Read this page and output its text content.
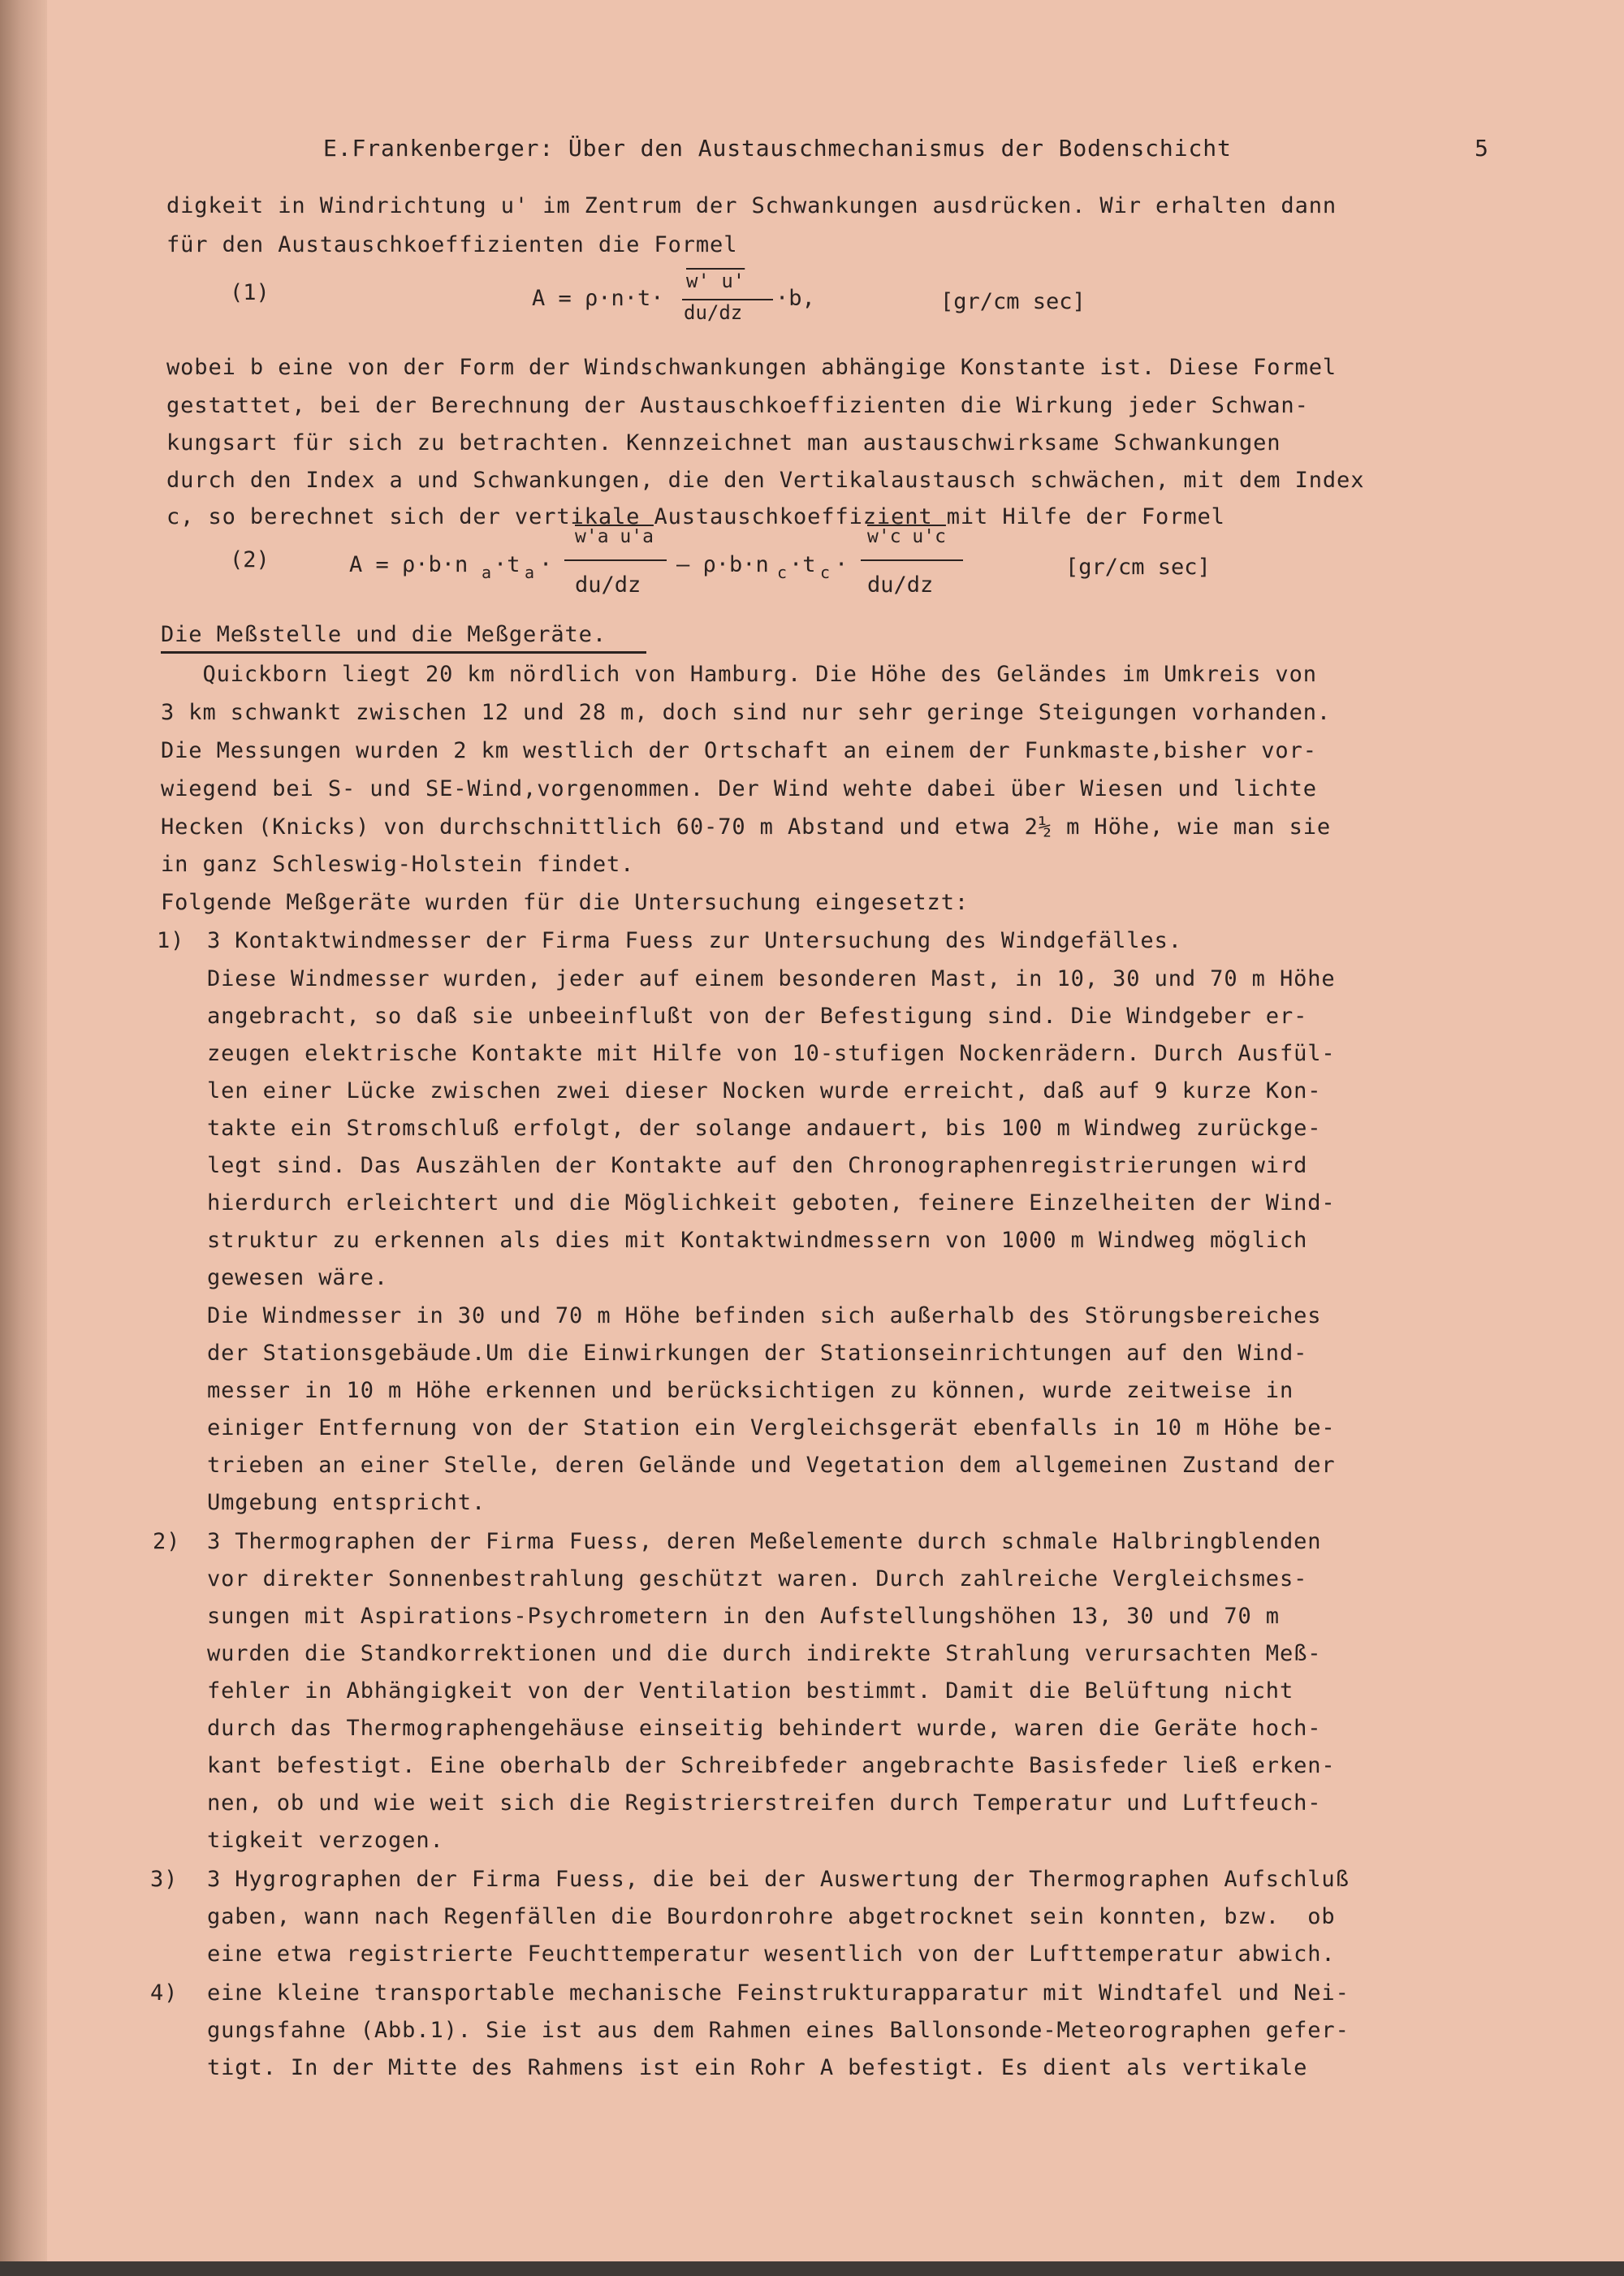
E.Frankenberger: Über den Austauschmechanismus der Bodenschicht	5
digkeit in Windrichtung u' im Zentrum der Schwankungen ausdrücken. Wir erhalten dann
für den Austauschkoeffizienten die Formel
(1)	A = ρ·n·t·
w' u'
du/dz
·b,	[gr/cm sec]
wobei b eine von der Form der Windschwankungen abhängige Konstante ist. Diese Formel
gestattet, bei der Berechnung der Austauschkoeffizienten die Wirkung jeder Schwan-
kungsart für sich zu betrachten. Kennzeichnet man austauschwirksame Schwankungen
durch den Index a und Schwankungen, die den Vertikalaustausch schwächen, mit dem Index
c, so berechnet sich der vertikale Austauschkoeffizient mit Hilfe der Formel
(2)	A = ρ·b·n a ·t a ·
w'a u'a
du/dz
– ρ·b·n c ·t c ·
w'c u'c
du/dz
[gr/cm sec]
Die Meßstelle und die Meßgeräte.
Quickborn liegt 20 km nördlich von Hamburg. Die Höhe des Geländes im Umkreis von
3 km schwankt zwischen 12 und 28 m, doch sind nur sehr geringe Steigungen vorhanden.
Die Messungen wurden 2 km westlich der Ortschaft an einem der Funkmaste,bisher vor-
wiegend bei S- und SE-Wind,vorgenommen. Der Wind wehte dabei über Wiesen und lichte
Hecken (Knicks) von durchschnittlich 60-70 m Abstand und etwa 2½ m Höhe, wie man sie
in ganz Schleswig-Holstein findet.
Folgende Meßgeräte wurden für die Untersuchung eingesetzt:
1) 3 Kontaktwindmesser der Firma Fuess zur Untersuchung des Windgefälles.
Diese Windmesser wurden, jeder auf einem besonderen Mast, in 10, 30 und 70 m Höhe
angebracht, so daß sie unbeeinflußt von der Befestigung sind. Die Windgeber er-
zeugen elektrische Kontakte mit Hilfe von 10-stufigen Nockenrädern. Durch Ausfül-
len einer Lücke zwischen zwei dieser Nocken wurde erreicht, daß auf 9 kurze Kon-
takte ein Stromschluß erfolgt, der solange andauert, bis 100 m Windweg zurückge-
legt sind. Das Auszählen der Kontakte auf den Chronographenregistrierungen wird
hierdurch erleichtert und die Möglichkeit geboten, feinere Einzelheiten der Wind-
struktur zu erkennen als dies mit Kontaktwindmessern von 1000 m Windweg möglich
gewesen wäre.
Die Windmesser in 30 und 70 m Höhe befinden sich außerhalb des Störungsbereiches
der Stationsgebäude.Um die Einwirkungen der Stationseinrichtungen auf den Wind-
messer in 10 m Höhe erkennen und berücksichtigen zu können, wurde zeitweise in
einiger Entfernung von der Station ein Vergleichsgerät ebenfalls in 10 m Höhe be-
trieben an einer Stelle, deren Gelände und Vegetation dem allgemeinen Zustand der
Umgebung entspricht.
2) 3 Thermographen der Firma Fuess, deren Meßelemente durch schmale Halbringblenden
vor direkter Sonnenbestrahlung geschützt waren. Durch zahlreiche Vergleichsmes-
sungen mit Aspirations-Psychrometern in den Aufstellungshöhen 13, 30 und 70 m
wurden die Standkorrektionen und die durch indirekte Strahlung verursachten Meß-
fehler in Abhängigkeit von der Ventilation bestimmt. Damit die Belüftung nicht
durch das Thermographengehäuse einseitig behindert wurde, waren die Geräte hoch-
kant befestigt. Eine oberhalb der Schreibfeder angebrachte Basisfeder ließ erken-
nen, ob und wie weit sich die Registrierstreifen durch Temperatur und Luftfeuch-
tigkeit verzogen.
3) 3 Hygrographen der Firma Fuess, die bei der Auswertung der Thermographen Aufschluß
gaben, wann nach Regenfällen die Bourdonrohre abgetrocknet sein konnten, bzw.  ob
eine etwa registrierte Feuchttemperatur wesentlich von der Lufttemperatur abwich.
4) eine kleine transportable mechanische Feinstrukturapparatur mit Windtafel und Nei-
gungsfahne (Abb.1). Sie ist aus dem Rahmen eines Ballonsonde-Meteorographen gefer-
tigt. In der Mitte des Rahmens ist ein Rohr A befestigt. Es dient als vertikale
